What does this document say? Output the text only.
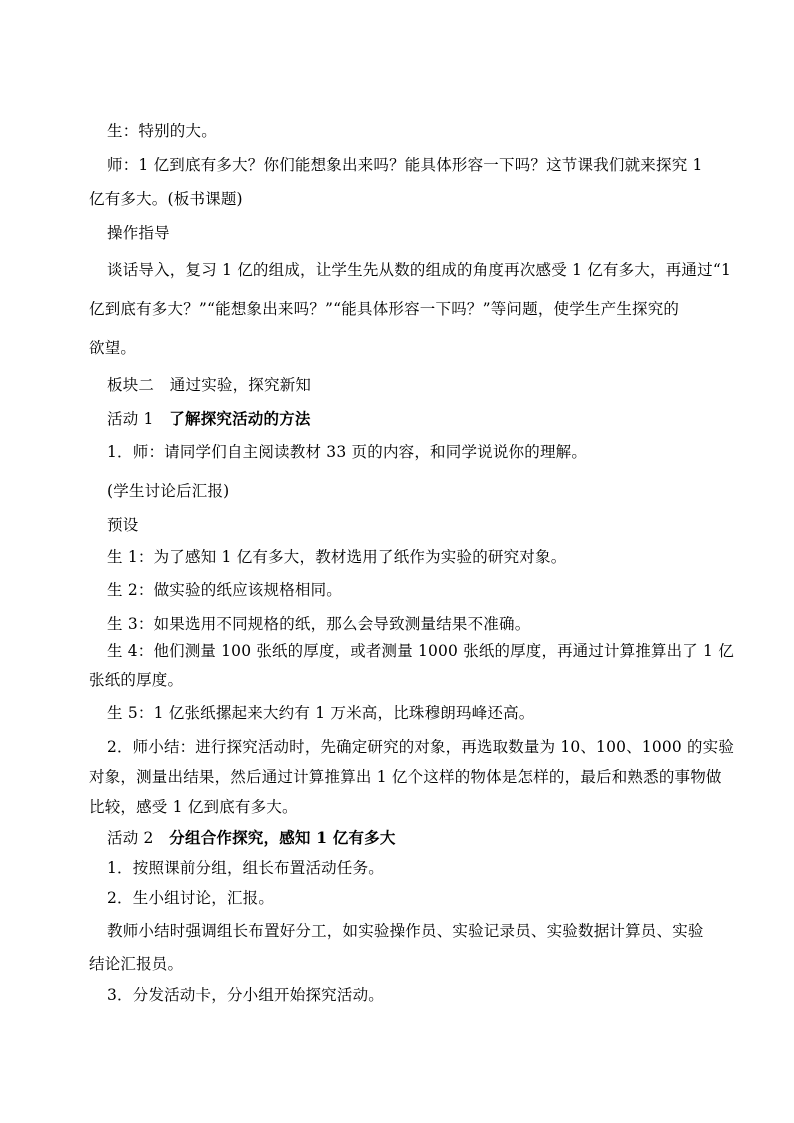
生：特别的大。
师：1 亿到底有多大？你们能想象出来吗？能具体形容一下吗？这节课我们就来探究 1
亿有多大。(板书课题)
操作指导
谈话导入，复习 1 亿的组成，让学生先从数的组成的角度再次感受 1 亿有多大，再通过“1
亿到底有多大？”“能想象出来吗？”“能具体形容一下吗？”等问题，使学生产生探究的
欲望。
板块二　通过实验，探究新知
活动 1　 了解探究活动的方法
1．师：请同学们自主阅读教材 33 页的内容，和同学说说你的理解。
(学生讨论后汇报)
预设
生 1：为了感知 1 亿有多大，教材选用了纸作为实验的研究对象。
生 2：做实验的纸应该规格相同。
生 3：如果选用不同规格的纸，那么会导致测量结果不准确。
生 4：他们测量 100 张纸的厚度，或者测量 1000 张纸的厚度，再通过计算推算出了 1 亿
张纸的厚度。
生 5：1 亿张纸摞起来大约有 1 万米高，比珠穆朗玛峰还高。
2．师小结：进行探究活动时，先确定研究的对象，再选取数量为 10、100、1000 的实验
对象，测量出结果，然后通过计算推算出 1 亿个这样的物体是怎样的，最后和熟悉的事物做
比较，感受 1 亿到底有多大。
活动 2　 分组合作探究，感知 1 亿有多大
1．按照课前分组，组长布置活动任务。
2．生小组讨论，汇报。
教师小结时强调组长布置好分工，如实验操作员、实验记录员、实验数据计算员、实验
结论汇报员。
3．分发活动卡，分小组开始探究活动。
